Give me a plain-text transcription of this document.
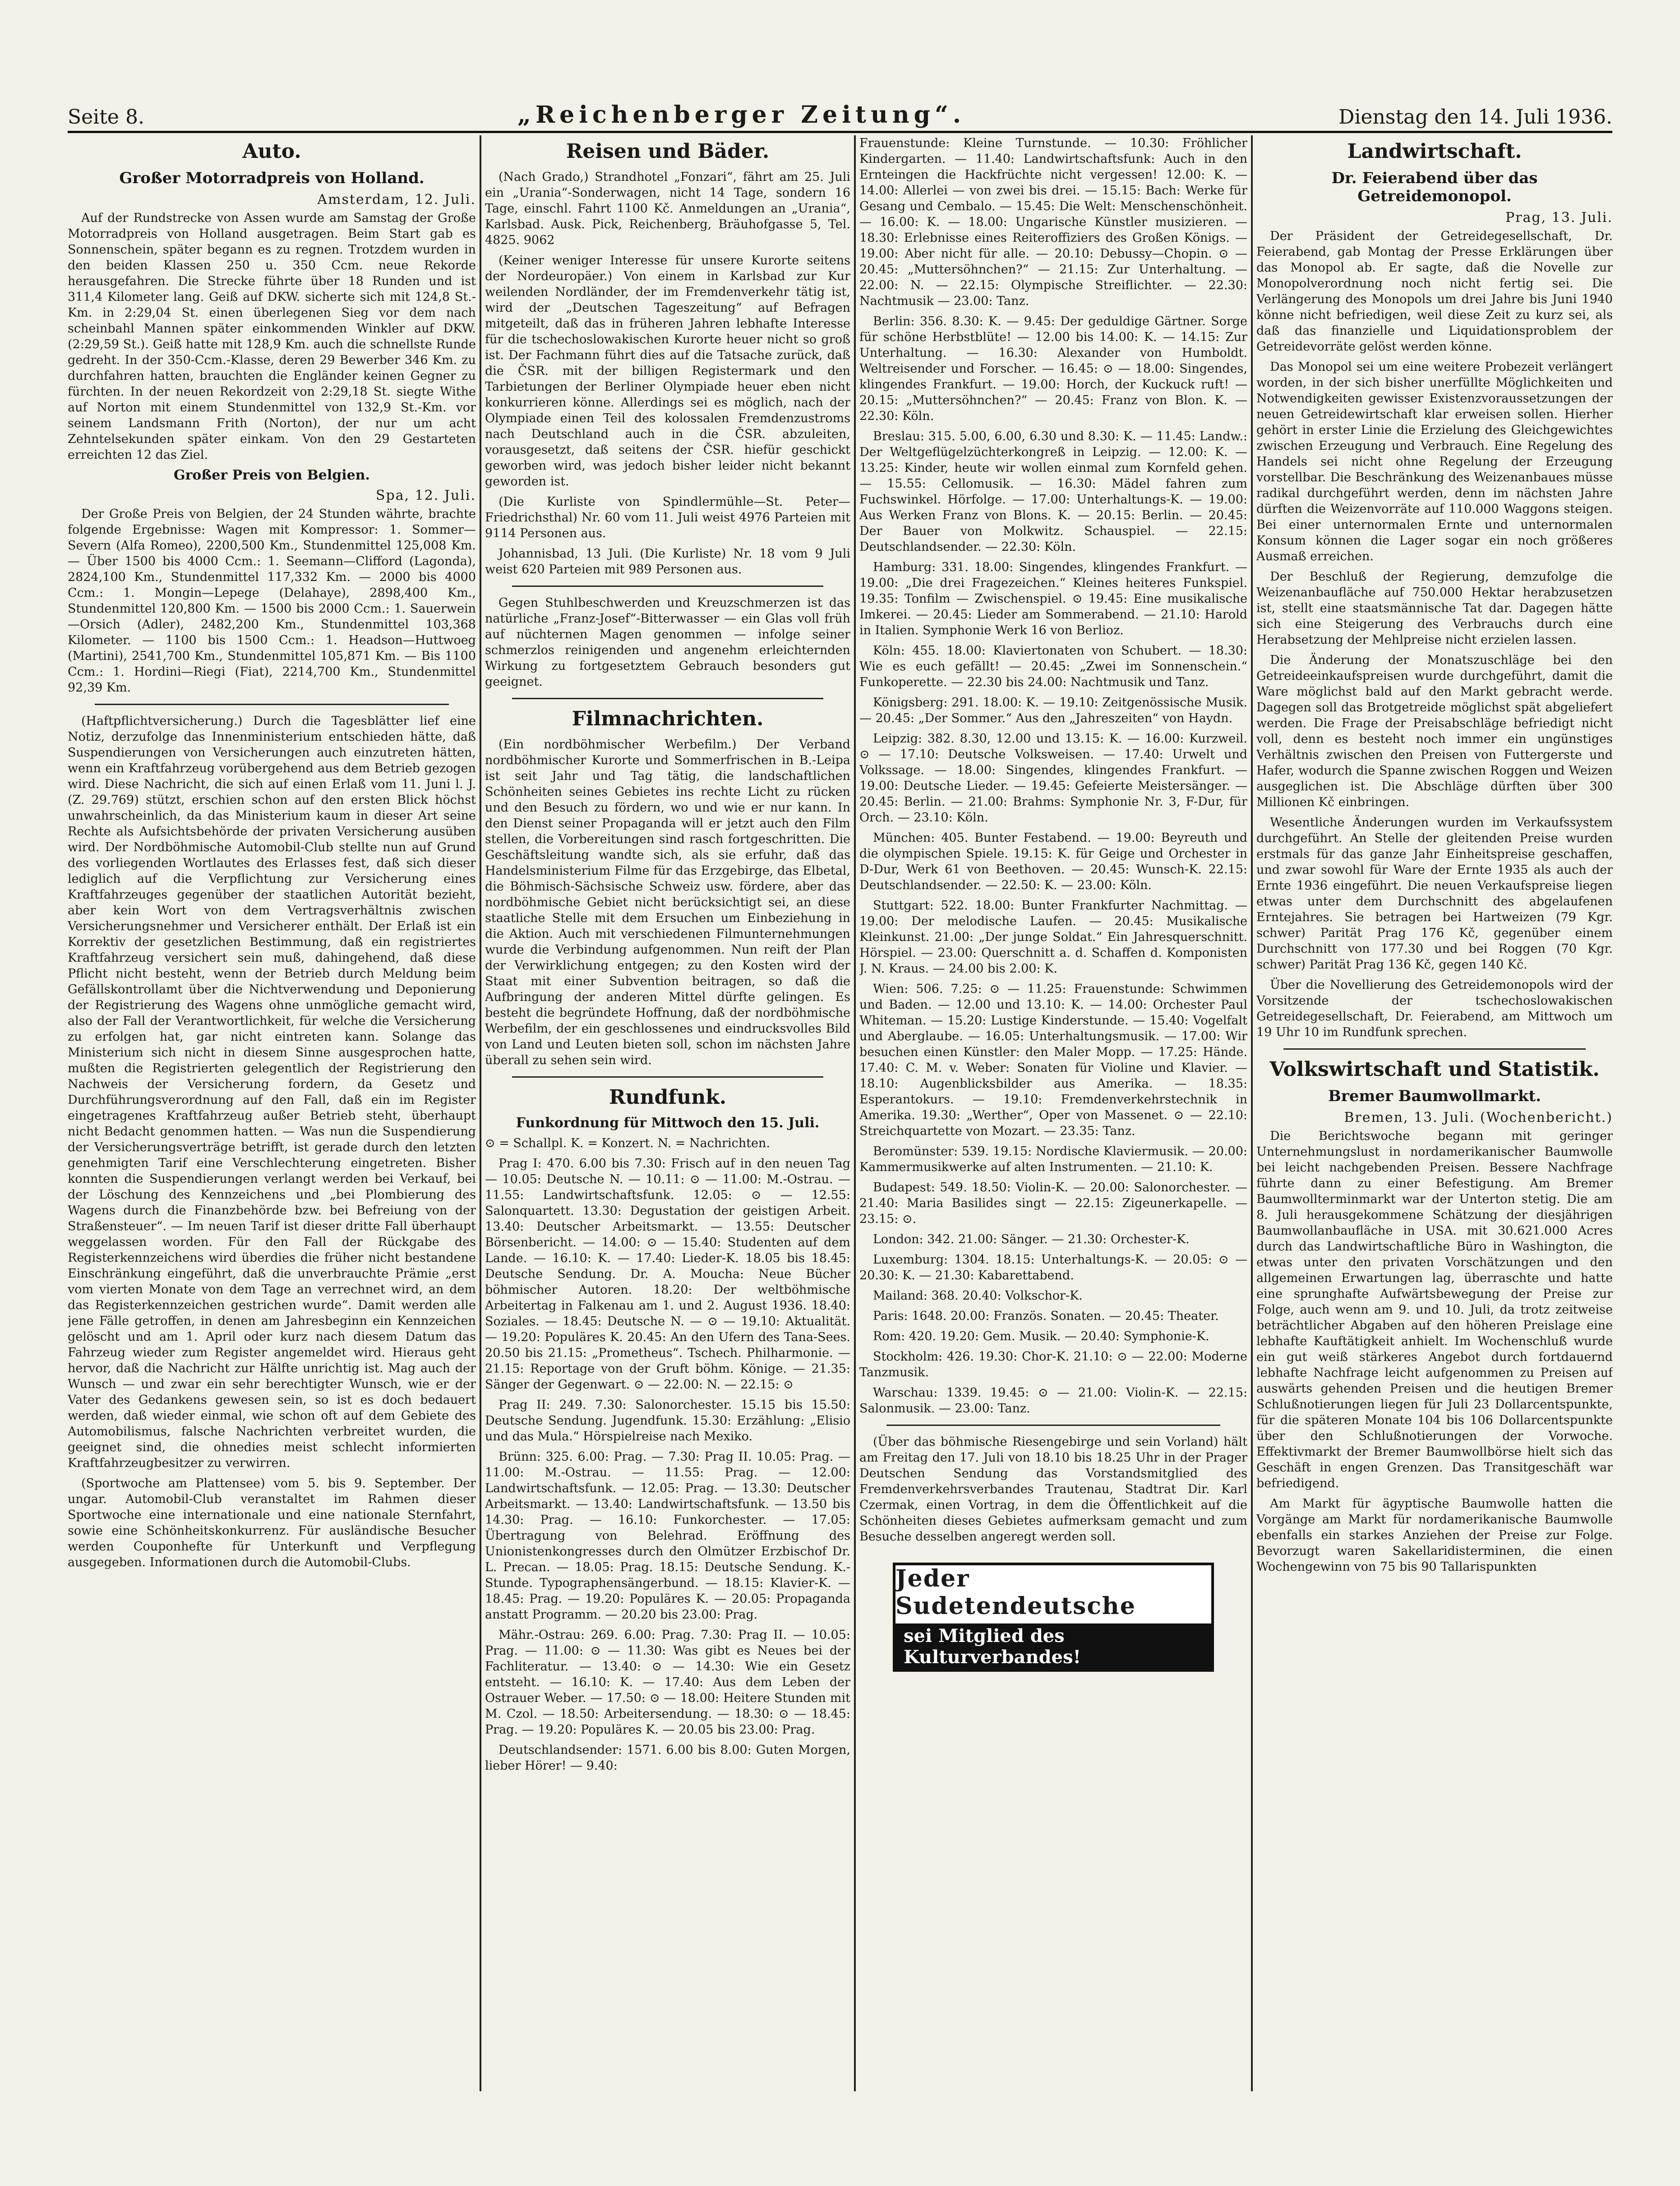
Seite 8.	„Reichenberger Zeitung“.	Dienstag den 14. Juli 1936.
Auto.
Großer Motorradpreis von Holland.
Amsterdam, 12. Juli.

Auf der Rundstrecke von Assen wurde am Samstag der Große Motorradpreis von Holland ausgetragen. Beim Start gab es Sonnenschein, später begann es zu regnen. Trotzdem wurden in den beiden Klassen 250 u. 350 Ccm. neue Rekorde herausgefahren. Die Strecke führte über 18 Runden und ist 311,4 Kilometer lang. Geiß auf DKW. sicherte sich mit 124,8 St.-Km. in 2:29,04 St. einen überlegenen Sieg vor dem nach scheinbahl Mannen später einkommenden Winkler auf DKW. (2:29,59 St.). Geiß hatte mit 128,9 Km. auch die schnellste Runde gedreht. In der 350-Ccm.-Klasse, deren 29 Bewerber 346 Km. zu durchfahren hatten, brauchten die Engländer keinen Gegner zu fürchten. In der neuen Rekordzeit von 2:29,18 St. siegte Withe auf Norton mit einem Stundenmittel von 132,9 St.-Km. vor seinem Landsmann Frith (Norton), der nur um acht Zehntelsekunden später einkam. Von den 29 Gestarteten erreichten 12 das Ziel.

Großer Preis von Belgien.
Spa, 12. Juli.

Der Große Preis von Belgien, der 24 Stunden währte, brachte folgende Ergebnisse: Wagen mit Kompressor: 1. Sommer—Severn (Alfa Romeo), 2200,500 Km., Stundenmittel 125,008 Km. — Über 1500 bis 4000 Ccm.: 1. Seemann—Clifford (Lagonda), 2824,100 Km., Stundenmittel 117,332 Km. — 2000 bis 4000 Ccm.: 1. Mongin—Lepege (Delahaye), 2898,400 Km., Stundenmittel 120,800 Km. — 1500 bis 2000 Ccm.: 1. Sauerwein—Orsich (Adler), 2482,200 Km., Stundenmittel 103,368 Kilometer. — 1100 bis 1500 Ccm.: 1. Headson—Huttwoeg (Martini), 2541,700 Km., Stundenmittel 105,871 Km. — Bis 1100 Ccm.: 1. Hordini—Riegi (Fiat), 2214,700 Km., Stundenmittel 92,39 Km.

(Haftpflichtversicherung.) Durch die Tagesblätter lief eine Notiz, derzufolge das Innenministerium entschieden hätte, daß Suspendierungen von Versicherungen auch einzutreten hätten, wenn ein Kraftfahrzeug vorübergehend aus dem Betrieb gezogen wird. Diese Nachricht, die sich auf einen Erlaß vom 11. Juni l. J. (Z. 29.769) stützt, erschien schon auf den ersten Blick höchst unwahrscheinlich, da das Ministerium kaum in dieser Art seine Rechte als Aufsichtsbehörde der privaten Versicherung ausüben wird. Der Nordböhmische Automobil-Club stellte nun auf Grund des vorliegenden Wortlautes des Erlasses fest, daß sich dieser lediglich auf die Verpflichtung zur Versicherung eines Kraftfahrzeuges gegenüber der staatlichen Autorität bezieht, aber kein Wort von dem Vertragsverhältnis zwischen Versicherungsnehmer und Versicherer enthält. Der Erlaß ist ein Korrektiv der gesetzlichen Bestimmung, daß ein registriertes Kraftfahrzeug versichert sein muß, dahingehend, daß diese Pflicht nicht besteht, wenn der Betrieb durch Meldung beim Gefällskontrollamt über die Nichtverwendung und Deponierung der Registrierung des Wagens ohne unmögliche gemacht wird, also der Fall der Verantwortlichkeit, für welche die Versicherung zu erfolgen hat, gar nicht eintreten kann. Solange das Ministerium sich nicht in diesem Sinne ausgesprochen hatte, mußten die Registrierten gelegentlich der Registrierung den Nachweis der Versicherung fordern, da Gesetz und Durchführungsverordnung auf den Fall, daß ein im Register eingetragenes Kraftfahrzeug außer Betrieb steht, überhaupt nicht Bedacht genommen hatten. — Was nun die Suspendierung der Versicherungsverträge betrifft, ist gerade durch den letzten genehmigten Tarif eine Verschlechterung eingetreten. Bisher konnten die Suspendierungen verlangt werden bei Verkauf, bei der Löschung des Kennzeichens und „bei Plombierung des Wagens durch die Finanzbehörde bzw. bei Befreiung von der Straßensteuer“. — Im neuen Tarif ist dieser dritte Fall überhaupt weggelassen worden. Für den Fall der Rückgabe des Registerkennzeichens wird überdies die früher nicht bestandene Einschränkung eingeführt, daß die unverbrauchte Prämie „erst vom vierten Monate von dem Tage an verrechnet wird, an dem das Registerkennzeichen gestrichen wurde“. Damit werden alle jene Fälle getroffen, in denen am Jahresbeginn ein Kennzeichen gelöscht und am 1. April oder kurz nach diesem Datum das Fahrzeug wieder zum Register angemeldet wird. Hieraus geht hervor, daß die Nachricht zur Hälfte unrichtig ist. Mag auch der Wunsch — und zwar ein sehr berechtigter Wunsch, wie er der Vater des Gedankens gewesen sein, so ist es doch bedauert werden, daß wieder einmal, wie schon oft auf dem Gebiete des Automobilismus, falsche Nachrichten verbreitet wurden, die geeignet sind, die ohnedies meist schlecht informierten Kraftfahrzeugbesitzer zu verwirren.

(Sportwoche am Plattensee) vom 5. bis 9. September. Der ungar. Automobil-Club veranstaltet im Rahmen dieser Sportwoche eine internationale und eine nationale Sternfahrt, sowie eine Schönheitskonkurrenz. Für ausländische Besucher werden Couponhefte für Unterkunft und Verpflegung ausgegeben. Informationen durch die Automobil-Clubs.

Reisen und Bäder.

(Nach Grado,) Strandhotel „Fonzari“, fährt am 25. Juli ein „Urania“-Sonderwagen, nicht 14 Tage, sondern 16 Tage, einschl. Fahrt 1100 Kč. Anmeldungen an „Urania“, Karlsbad. Ausk. Pick, Reichenberg, Bräuhofgasse 5, Tel. 4825. 9062

(Keiner weniger Interesse für unsere Kurorte seitens der Nordeuropäer.) Von einem in Karlsbad zur Kur weilenden Nordländer, der im Fremdenverkehr tätig ist, wird der „Deutschen Tageszeitung“ auf Befragen mitgeteilt, daß das in früheren Jahren lebhafte Interesse für die tschechoslowakischen Kurorte heuer nicht so groß ist. Der Fachmann führt dies auf die Tatsache zurück, daß die ČSR. mit der billigen Registermark und den Tarbietungen der Berliner Olympiade heuer eben nicht konkurrieren könne. Allerdings sei es möglich, nach der Olympiade einen Teil des kolossalen Fremdenzustroms nach Deutschland auch in die ČSR. abzuleiten, vorausgesetzt, daß seitens der ČSR. hiefür geschickt geworben wird, was jedoch bisher leider nicht bekannt geworden ist.

(Die Kurliste von Spindlermühle—St. Peter—Friedrichsthal) Nr. 60 vom 11. Juli weist 4976 Parteien mit 9114 Personen aus.

Johannisbad, 13 Juli. (Die Kurliste) Nr. 18 vom 9 Juli weist 620 Parteien mit 989 Personen aus.

Gegen Stuhlbeschwerden und Kreuzschmerzen ist das natürliche „Franz-Josef“-Bitterwasser — ein Glas voll früh auf nüchternen Magen genommen — infolge seiner schmerzlos reinigenden und angenehm erleichternden Wirkung zu fortgesetztem Gebrauch besonders gut geeignet.

Filmnachrichten.

(Ein nordböhmischer Werbefilm.) Der Verband nordböhmischer Kurorte und Sommerfrischen in B.-Leipa ist seit Jahr und Tag tätig, die landschaftlichen Schönheiten seines Gebietes ins rechte Licht zu rücken und den Besuch zu fördern, wo und wie er nur kann. In den Dienst seiner Propaganda will er jetzt auch den Film stellen, die Vorbereitungen sind rasch fortgeschritten. Die Geschäftsleitung wandte sich, als sie erfuhr, daß das Handelsministerium Filme für das Erzgebirge, das Elbetal, die Böhmisch-Sächsische Schweiz usw. fördere, aber das nordböhmische Gebiet nicht berücksichtigt sei, an diese staatliche Stelle mit dem Ersuchen um Einbeziehung in die Aktion. Auch mit verschiedenen Filmunternehmungen wurde die Verbindung aufgenommen. Nun reift der Plan der Verwirklichung entgegen; zu den Kosten wird der Staat mit einer Subvention beitragen, so daß die Aufbringung der anderen Mittel dürfte gelingen. Es besteht die begründete Hoffnung, daß der nordböhmische Werbefilm, der ein geschlossenes und eindrucksvolles Bild von Land und Leuten bieten soll, schon im nächsten Jahre überall zu sehen sein wird.

Rundfunk.
Funkordnung für Mittwoch den 15. Juli.

⊙ = Schallpl. K. = Konzert. N. = Nachrichten.

Prag I: 470. 6.00 bis 7.30: Frisch auf in den neuen Tag — 10.05: Deutsche N. — 10.11: ⊙ — 11.00: M.-Ostrau. — 11.55: Landwirtschaftsfunk. 12.05: ⊙ — 12.55: Salonquartett. 13.30: Degustation der geistigen Arbeit. 13.40: Deutscher Arbeitsmarkt. — 13.55: Deutscher Börsenbericht. — 14.00: ⊙ — 15.40: Studenten auf dem Lande. — 16.10: K. — 17.40: Lieder-K. 18.05 bis 18.45: Deutsche Sendung. Dr. A. Moucha: Neue Bücher böhmischer Autoren. 18.20: Der weltböhmische Arbeitertag in Falkenau am 1. und 2. August 1936. 18.40: Soziales. — 18.45: Deutsche N. — ⊙ — 19.10: Aktualität. — 19.20: Populäres K. 20.45: An den Ufern des Tana-Sees. 20.50 bis 21.15: „Prometheus“. Tschech. Philharmonie. — 21.15: Reportage von der Gruft böhm. Könige. — 21.35: Sänger der Gegenwart. ⊙ — 22.00: N. — 22.15: ⊙

Prag II: 249. 7.30: Salonorchester. 15.15 bis 15.50: Deutsche Sendung. Jugendfunk. 15.30: Erzählung: „Elisio und das Mula.“ Hörspielreise nach Mexiko.

Brünn: 325. 6.00: Prag. — 7.30: Prag II. 10.05: Prag. — 11.00: M.-Ostrau. — 11.55: Prag. — 12.00: Landwirtschaftsfunk. — 12.05: Prag. — 13.30: Deutscher Arbeitsmarkt. — 13.40: Landwirtschaftsfunk. — 13.50 bis 14.30: Prag. — 16.10: Funkorchester. — 17.05: Übertragung von Belehrad. Eröffnung des Unionistenkongresses durch den Olmützer Erzbischof Dr. L. Precan. — 18.05: Prag. 18.15: Deutsche Sendung. K.-Stunde. Typographensängerbund. — 18.15: Klavier-K. — 18.45: Prag. — 19.20: Populäres K. — 20.05: Propaganda anstatt Programm. — 20.20 bis 23.00: Prag.

Mähr.-Ostrau: 269. 6.00: Prag. 7.30: Prag II. — 10.05: Prag. — 11.00: ⊙ — 11.30: Was gibt es Neues bei der Fachliteratur. — 13.40: ⊙ — 14.30: Wie ein Gesetz entsteht. — 16.10: K. — 17.40: Aus dem Leben der Ostrauer Weber. — 17.50: ⊙ — 18.00: Heitere Stunden mit M. Czol. — 18.50: Arbeitersendung. — 18.30: ⊙ — 18.45: Prag. — 19.20: Populäres K. — 20.05 bis 23.00: Prag.

Deutschlandsender: 1571. 6.00 bis 8.00: Guten Morgen, lieber Hörer! — 9.40:

Frauenstunde: Kleine Turnstunde. — 10.30: Fröhlicher Kindergarten. — 11.40: Landwirtschaftsfunk: Auch in den Ernteingen die Hackfrüchte nicht vergessen! 12.00: K. — 14.00: Allerlei — von zwei bis drei. — 15.15: Bach: Werke für Gesang und Cembalo. — 15.45: Die Welt: Menschenschönheit. — 16.00: K. — 18.00: Ungarische Künstler musizieren. — 18.30: Erlebnisse eines Reiteroffiziers des Großen Königs. — 19.00: Aber nicht für alle. — 20.10: Debussy—Chopin. ⊙ — 20.45: „Muttersöhnchen?“ — 21.15: Zur Unterhaltung. — 22.00: N. — 22.15: Olympische Streiflichter. — 22.30: Nachtmusik — 23.00: Tanz.

Berlin: 356. 8.30: K. — 9.45: Der geduldige Gärtner. Sorge für schöne Herbstblüte! — 12.00 bis 14.00: K. — 14.15: Zur Unterhaltung. — 16.30: Alexander von Humboldt. Weltreisender und Forscher. — 16.45: ⊙ — 18.00: Singendes, klingendes Frankfurt. — 19.00: Horch, der Kuckuck ruft! — 20.15: „Muttersöhnchen?“ — 20.45: Franz von Blon. K. — 22.30: Köln.

Breslau: 315. 5.00, 6.00, 6.30 und 8.30: K. — 11.45: Landw.: Der Weltgeflügelzüchterkongreß in Leipzig. — 12.00: K. — 13.25: Kinder, heute wir wollen einmal zum Kornfeld gehen. — 15.55: Cellomusik. — 16.30: Mädel fahren zum Fuchswinkel. Hörfolge. — 17.00: Unterhaltungs-K. — 19.00: Aus Werken Franz von Blons. K. — 20.15: Berlin. — 20.45: Der Bauer von Molkwitz. Schauspiel. — 22.15: Deutschlandsender. — 22.30: Köln.

Hamburg: 331. 18.00: Singendes, klingendes Frankfurt. — 19.00: „Die drei Fragezeichen.“ Kleines heiteres Funkspiel. 19.35: Tonfilm — Zwischenspiel. ⊙ 19.45: Eine musikalische Imkerei. — 20.45: Lieder am Sommerabend. — 21.10: Harold in Italien. Symphonie Werk 16 von Berlioz.

Köln: 455. 18.00: Klaviertonaten von Schubert. — 18.30: Wie es euch gefällt! — 20.45: „Zwei im Sonnenschein.“ Funkoperette. — 22.30 bis 24.00: Nachtmusik und Tanz.

Königsberg: 291. 18.00: K. — 19.10: Zeitgenössische Musik. — 20.45: „Der Sommer.“ Aus den „Jahreszeiten“ von Haydn.

Leipzig: 382. 8.30, 12.00 und 13.15: K. — 16.00: Kurzweil. ⊙ — 17.10: Deutsche Volksweisen. — 17.40: Urwelt und Volkssage. — 18.00: Singendes, klingendes Frankfurt. — 19.00: Deutsche Lieder. — 19.45: Gefeierte Meistersänger. — 20.45: Berlin. — 21.00: Brahms: Symphonie Nr. 3, F-Dur, für Orch. — 23.10: Köln.

München: 405. Bunter Festabend. — 19.00: Beyreuth und die olympischen Spiele. 19.15: K. für Geige und Orchester in D-Dur, Werk 61 von Beethoven. — 20.45: Wunsch-K. 22.15: Deutschlandsender. — 22.50: K. — 23.00: Köln.

Stuttgart: 522. 18.00: Bunter Frankfurter Nachmittag. — 19.00: Der melodische Laufen. — 20.45: Musikalische Kleinkunst. 21.00: „Der junge Soldat.“ Ein Jahresquerschnitt. Hörspiel. — 23.00: Querschnitt a. d. Schaffen d. Komponisten J. N. Kraus. — 24.00 bis 2.00: K.

Wien: 506. 7.25: ⊙ — 11.25: Frauenstunde: Schwimmen und Baden. — 12.00 und 13.10: K. — 14.00: Orchester Paul Whiteman. — 15.20: Lustige Kinderstunde. — 15.40: Vogelfalt und Aberglaube. — 16.05: Unterhaltungsmusik. — 17.00: Wir besuchen einen Künstler: den Maler Mopp. — 17.25: Hände. 17.40: C. M. v. Weber: Sonaten für Violine und Klavier. — 18.10: Augenblicksbilder aus Amerika. — 18.35: Esperantokurs. — 19.10: Fremdenverkehrstechnik in Amerika. 19.30: „Werther“, Oper von Massenet. ⊙ — 22.10: Streichquartette von Mozart. — 23.35: Tanz.

Beromünster: 539. 19.15: Nordische Klaviermusik. — 20.00: Kammermusikwerke auf alten Instrumenten. — 21.10: K.

Budapest: 549. 18.50: Violin-K. — 20.00: Salonorchester. — 21.40: Maria Basilides singt — 22.15: Zigeunerkapelle. — 23.15: ⊙.

London: 342. 21.00: Sänger. — 21.30: Orchester-K.

Luxemburg: 1304. 18.15: Unterhaltungs-K. — 20.05: ⊙ — 20.30: K. — 21.30: Kabarettabend.

Mailand: 368. 20.40: Volkschor-K.

Paris: 1648. 20.00: Französ. Sonaten. — 20.45: Theater.

Rom: 420. 19.20: Gem. Musik. — 20.40: Symphonie-K.

Stockholm: 426. 19.30: Chor-K. 21.10: ⊙ — 22.00: Moderne Tanzmusik.

Warschau: 1339. 19.45: ⊙ — 21.00: Violin-K. — 22.15: Salonmusik. — 23.00: Tanz.

(Über das böhmische Riesengebirge und sein Vorland) hält am Freitag den 17. Juli von 18.10 bis 18.25 Uhr in der Prager Deutschen Sendung das Vorstandsmitglied des Fremdenverkehrsverbandes Trautenau, Stadtrat Dir. Karl Czermak, einen Vortrag, in dem die Öffentlichkeit auf die Schönheiten dieses Gebietes aufmerksam gemacht und zum Besuche desselben angeregt werden soll.

Jeder Sudetendeutsche
sei Mitglied des Kulturverbandes!
Landwirtschaft.
Dr. Feierabend über das Getreidemonopol.
Prag, 13. Juli.

Der Präsident der Getreidegesellschaft, Dr. Feierabend, gab Montag der Presse Erklärungen über das Monopol ab. Er sagte, daß die Novelle zur Monopolverordnung noch nicht fertig sei. Die Verlängerung des Monopols um drei Jahre bis Juni 1940 könne nicht befriedigen, weil diese Zeit zu kurz sei, als daß das finanzielle und Liquidationsproblem der Getreidevorräte gelöst werden könne.

Das Monopol sei um eine weitere Probezeit verlängert worden, in der sich bisher unerfüllte Möglichkeiten und Notwendigkeiten gewisser Existenzvoraussetzungen der neuen Getreidewirtschaft klar erweisen sollen. Hierher gehört in erster Linie die Erzielung des Gleichgewichtes zwischen Erzeugung und Verbrauch. Eine Regelung des Handels sei nicht ohne Regelung der Erzeugung vorstellbar. Die Beschränkung des Weizenanbaues müsse radikal durchgeführt werden, denn im nächsten Jahre dürften die Weizenvorräte auf 110.000 Waggons steigen. Bei einer unternormalen Ernte und unternormalen Konsum können die Lager sogar ein noch größeres Ausmaß erreichen.

Der Beschluß der Regierung, demzufolge die Weizenanbaufläche auf 750.000 Hektar herabzusetzen ist, stellt eine staatsmännische Tat dar. Dagegen hätte sich eine Steigerung des Verbrauchs durch eine Herabsetzung der Mehlpreise nicht erzielen lassen.

Die Änderung der Monatszuschläge bei den Getreideeinkaufspreisen wurde durchgeführt, damit die Ware möglichst bald auf den Markt gebracht werde. Dagegen soll das Brotgetreide möglichst spät abgeliefert werden. Die Frage der Preisabschläge befriedigt nicht voll, denn es besteht noch immer ein ungünstiges Verhältnis zwischen den Preisen von Futtergerste und Hafer, wodurch die Spanne zwischen Roggen und Weizen ausgeglichen ist. Die Abschläge dürften über 300 Millionen Kč einbringen.

Wesentliche Änderungen wurden im Verkaufssystem durchgeführt. An Stelle der gleitenden Preise wurden erstmals für das ganze Jahr Einheitspreise geschaffen, und zwar sowohl für Ware der Ernte 1935 als auch der Ernte 1936 eingeführt. Die neuen Verkaufspreise liegen etwas unter dem Durchschnitt des abgelaufenen Erntejahres. Sie betragen bei Hartweizen (79 Kgr. schwer) Parität Prag 176 Kč, gegenüber einem Durchschnitt von 177.30 und bei Roggen (70 Kgr. schwer) Parität Prag 136 Kč, gegen 140 Kč.

Über die Novellierung des Getreidemonopols wird der Vorsitzende der tschechoslowakischen Getreidegesellschaft, Dr. Feierabend, am Mittwoch um 19 Uhr 10 im Rundfunk sprechen.

Volkswirtschaft und Statistik.
Bremer Baumwollmarkt.
Bremen, 13. Juli. (Wochenbericht.)

Die Berichtswoche begann mit geringer Unternehmungslust in nordamerikanischer Baumwolle bei leicht nachgebenden Preisen. Bessere Nachfrage führte dann zu einer Befestigung. Am Bremer Baumwollterminmarkt war der Unterton stetig. Die am 8. Juli herausgekommene Schätzung der diesjährigen Baumwollanbaufläche in USA. mit 30.621.000 Acres durch das Landwirtschaftliche Büro in Washington, die etwas unter den privaten Vorschätzungen und den allgemeinen Erwartungen lag, überraschte und hatte eine sprunghafte Aufwärtsbewegung der Preise zur Folge, auch wenn am 9. und 10. Juli, da trotz zeitweise beträchtlicher Abgaben auf den höheren Preislage eine lebhafte Kauftätigkeit anhielt. Im Wochenschluß wurde ein gut weiß stärkeres Angebot durch fortdauernd lebhafte Nachfrage leicht aufgenommen zu Preisen auf auswärts gehenden Preisen und die heutigen Bremer Schlußnotierungen liegen für Juli 23 Dollarcentspunkte, für die späteren Monate 104 bis 106 Dollarcentspunkte über den Schlußnotierungen der Vorwoche. Effektivmarkt der Bremer Baumwollbörse hielt sich das Geschäft in engen Grenzen. Das Transitgeschäft war befriedigend.

Am Markt für ägyptische Baumwolle hatten die Vorgänge am Markt für nordamerikanische Baumwolle ebenfalls ein starkes Anziehen der Preise zur Folge. Bevorzugt waren Sakellaridisterminen, die einen Wochengewinn von 75 bis 90 Tallarispunkten
